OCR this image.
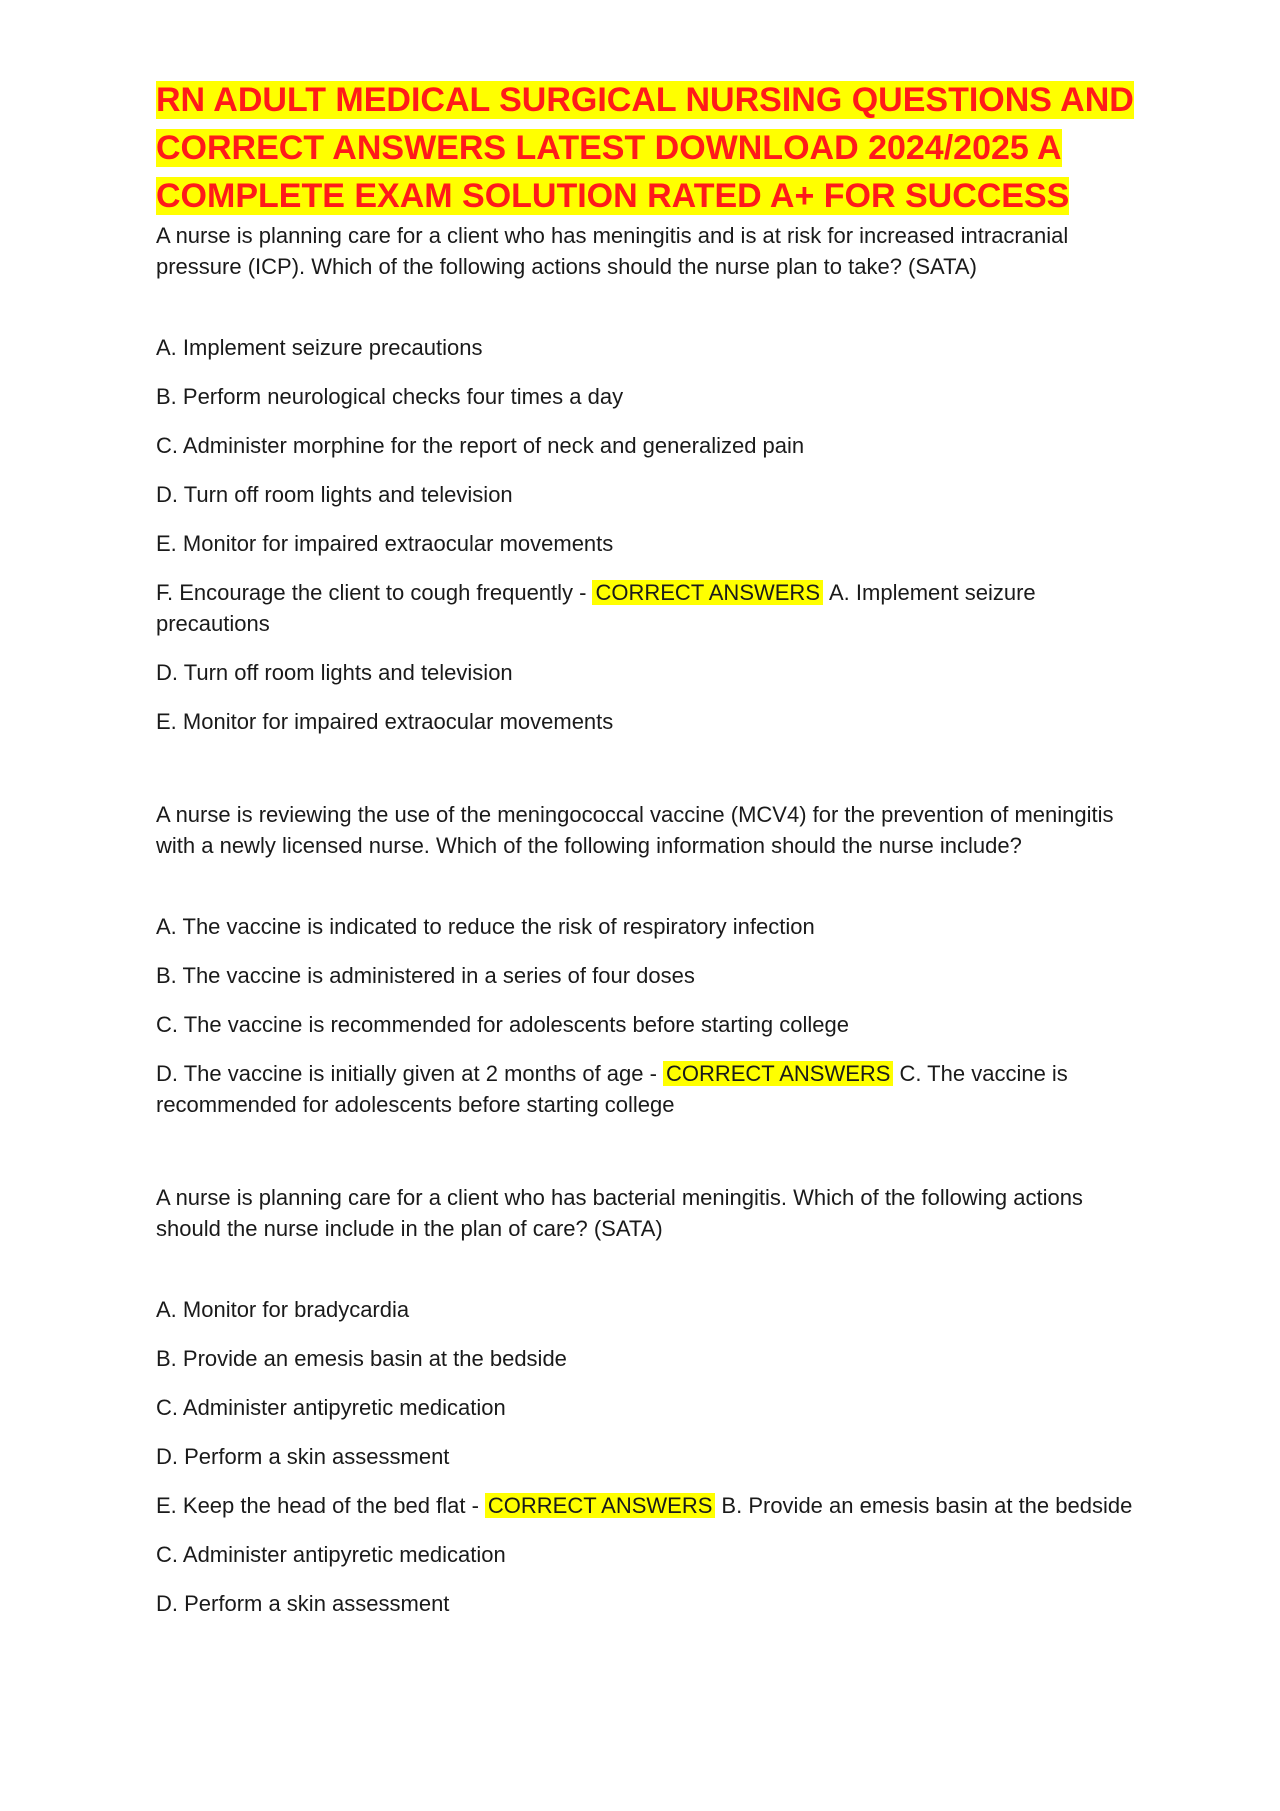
RN ADULT MEDICAL SURGICAL NURSING QUESTIONS AND CORRECT ANSWERS LATEST DOWNLOAD 2024/2025 A COMPLETE EXAM SOLUTION RATED A+ FOR SUCCESS

A nurse is planning care for a client who has meningitis and is at risk for increased intracranial pressure (ICP). Which of the following actions should the nurse plan to take? (SATA)

A. Implement seizure precautions

B. Perform neurological checks four times a day

C. Administer morphine for the report of neck and generalized pain

D. Turn off room lights and television

E. Monitor for impaired extraocular movements

F. Encourage the client to cough frequently - CORRECT ANSWERS A. Implement seizure precautions

D. Turn off room lights and television

E. Monitor for impaired extraocular movements

A nurse is reviewing the use of the meningococcal vaccine (MCV4) for the prevention of meningitis with a newly licensed nurse. Which of the following information should the nurse include?

A. The vaccine is indicated to reduce the risk of respiratory infection

B. The vaccine is administered in a series of four doses

C. The vaccine is recommended for adolescents before starting college

D. The vaccine is initially given at 2 months of age - CORRECT ANSWERS C. The vaccine is recommended for adolescents before starting college

A nurse is planning care for a client who has bacterial meningitis. Which of the following actions should the nurse include in the plan of care? (SATA)

A. Monitor for bradycardia

B. Provide an emesis basin at the bedside

C. Administer antipyretic medication

D. Perform a skin assessment

E. Keep the head of the bed flat - CORRECT ANSWERS B. Provide an emesis basin at the bedside

C. Administer antipyretic medication

D. Perform a skin assessment
